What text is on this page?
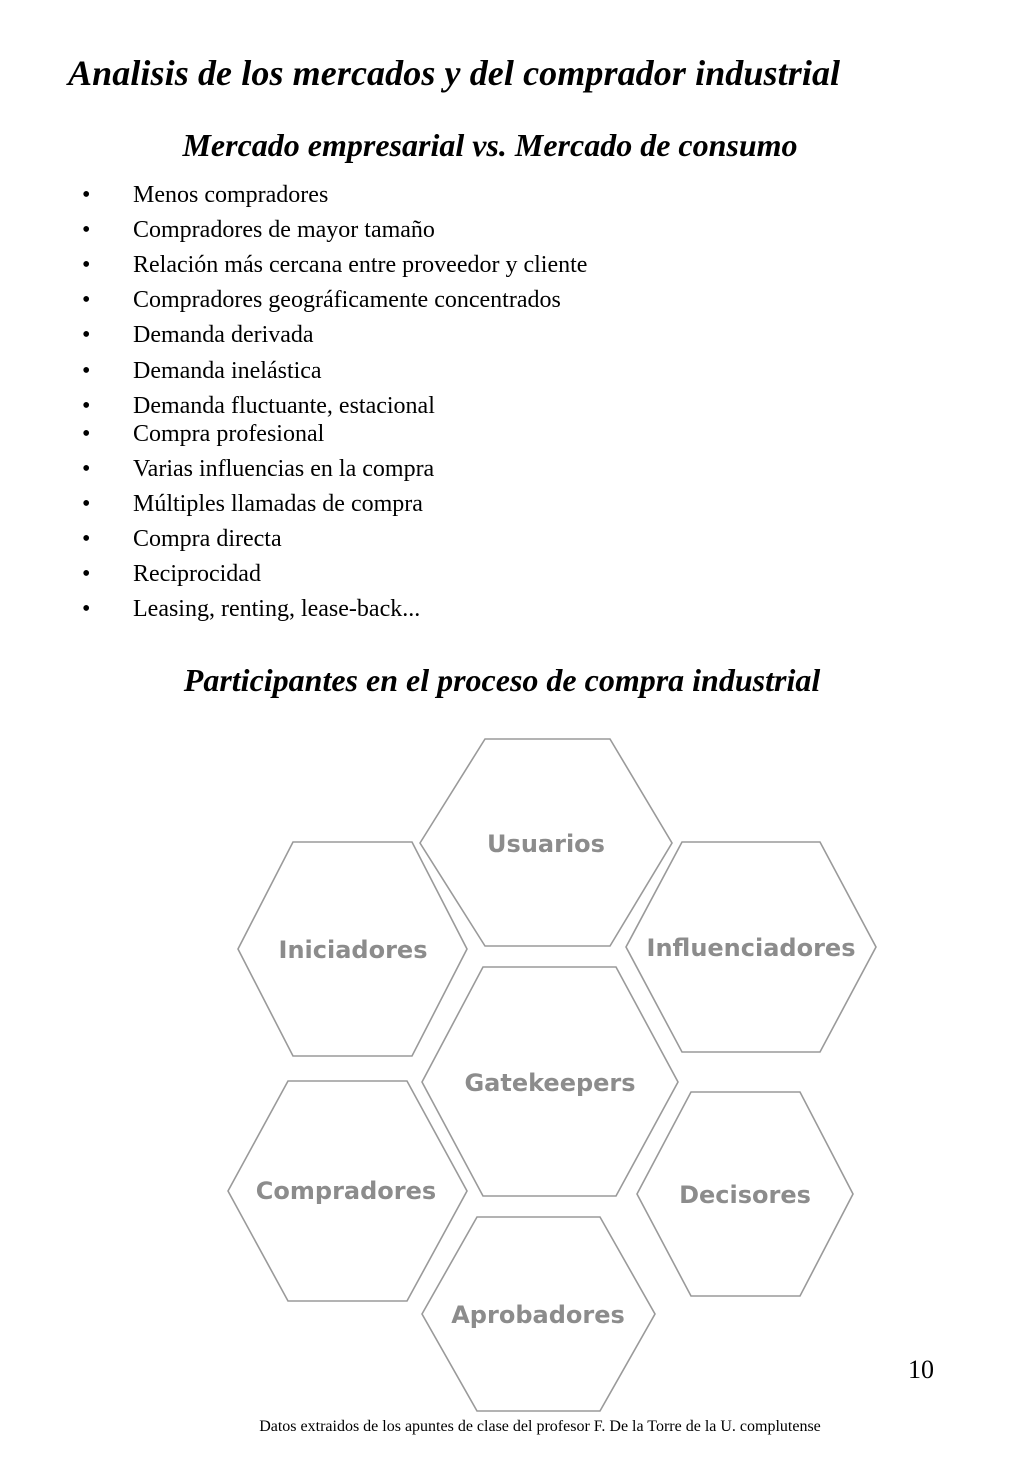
Analisis de los mercados y del comprador industrial
Mercado empresarial vs. Mercado de consumo
• Menos compradores
• Compradores de mayor tamaño
• Relación más cercana entre proveedor y cliente
• Compradores geográficamente concentrados
• Demanda derivada
• Demanda inelástica
• Demanda fluctuante, estacional
• Compra profesional
• Varias influencias en la compra
• Múltiples llamadas de compra
• Compra directa
• Reciprocidad
• Leasing, renting, lease-back...
Participantes en el proceso de compra industrial
Usuarios
Iniciadores	Influenciadores
Gatekeepers
Compradores	Decisores
Aprobadores
10
Datos extraidos de los apuntes de clase del profesor F. De la Torre de la U. complutense
